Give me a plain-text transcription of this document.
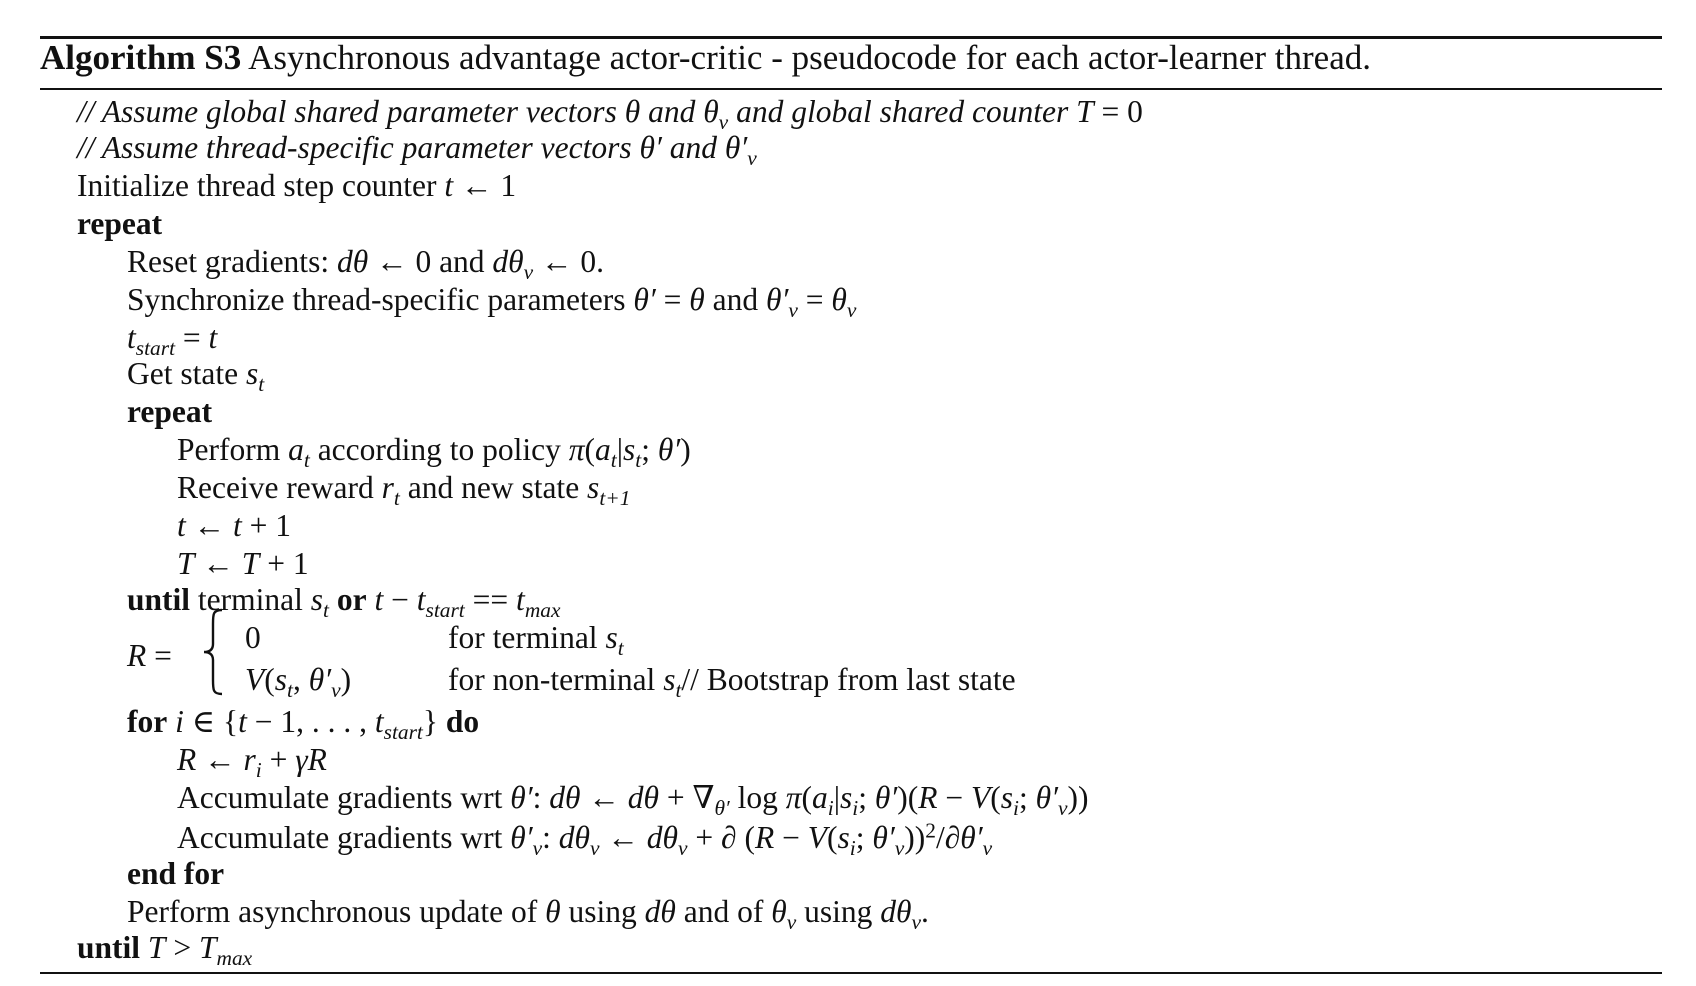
Algorithm S3 Asynchronous advantage actor-critic - pseudocode for each actor-learner thread.
// Assume global shared parameter vectors θ and $\theta_v$ and global shared counter T = 0
// Assume thread-specific parameter vectors θ′ and $\theta'_v$
Initialize thread step counter t ← 1
repeat
Reset gradients: dθ ← 0 and $d\theta_v$ ← 0.
Synchronize thread-specific parameters θ′ = θ and $\theta'_v = \theta_v$
$t_{start} = t$
Get state $s_t$
repeat
Perform $a_t$ according to policy $\pi(a_t|s_t$; θ′)
Receive reward $r_t$ and new state $s_{t+1}$
t ← t + 1
T ← T + 1
until terminal $s_t$ or $t - t_{start} == t_{max}$
R =
0	for terminal $s_t$
$V(s_t$, $\theta'_v$)	for non-terminal $s_t//$ Bootstrap from last state
for i ∈ {t − 1, . . . , $t_{start}$} do
R ← $r_i + \gamma R$
Accumulate gradients wrt θ′: dθ ← $d\theta + \nabla_{\theta'}$ $\log \pi(a_i|s_i$; $\theta')(R - V(s_i$; $\theta'_v$))
Accumulate gradients wrt $\theta'_v$: $d\theta_v$ ← $d\theta_v$ + ∂ ($R - V(s_i$; $\theta'_v))^2/\partial\theta'_v$
end for
Perform asynchronous update of θ using dθ and of $\theta_v$ using $d\theta_v$.
until $T > T_{max}$
